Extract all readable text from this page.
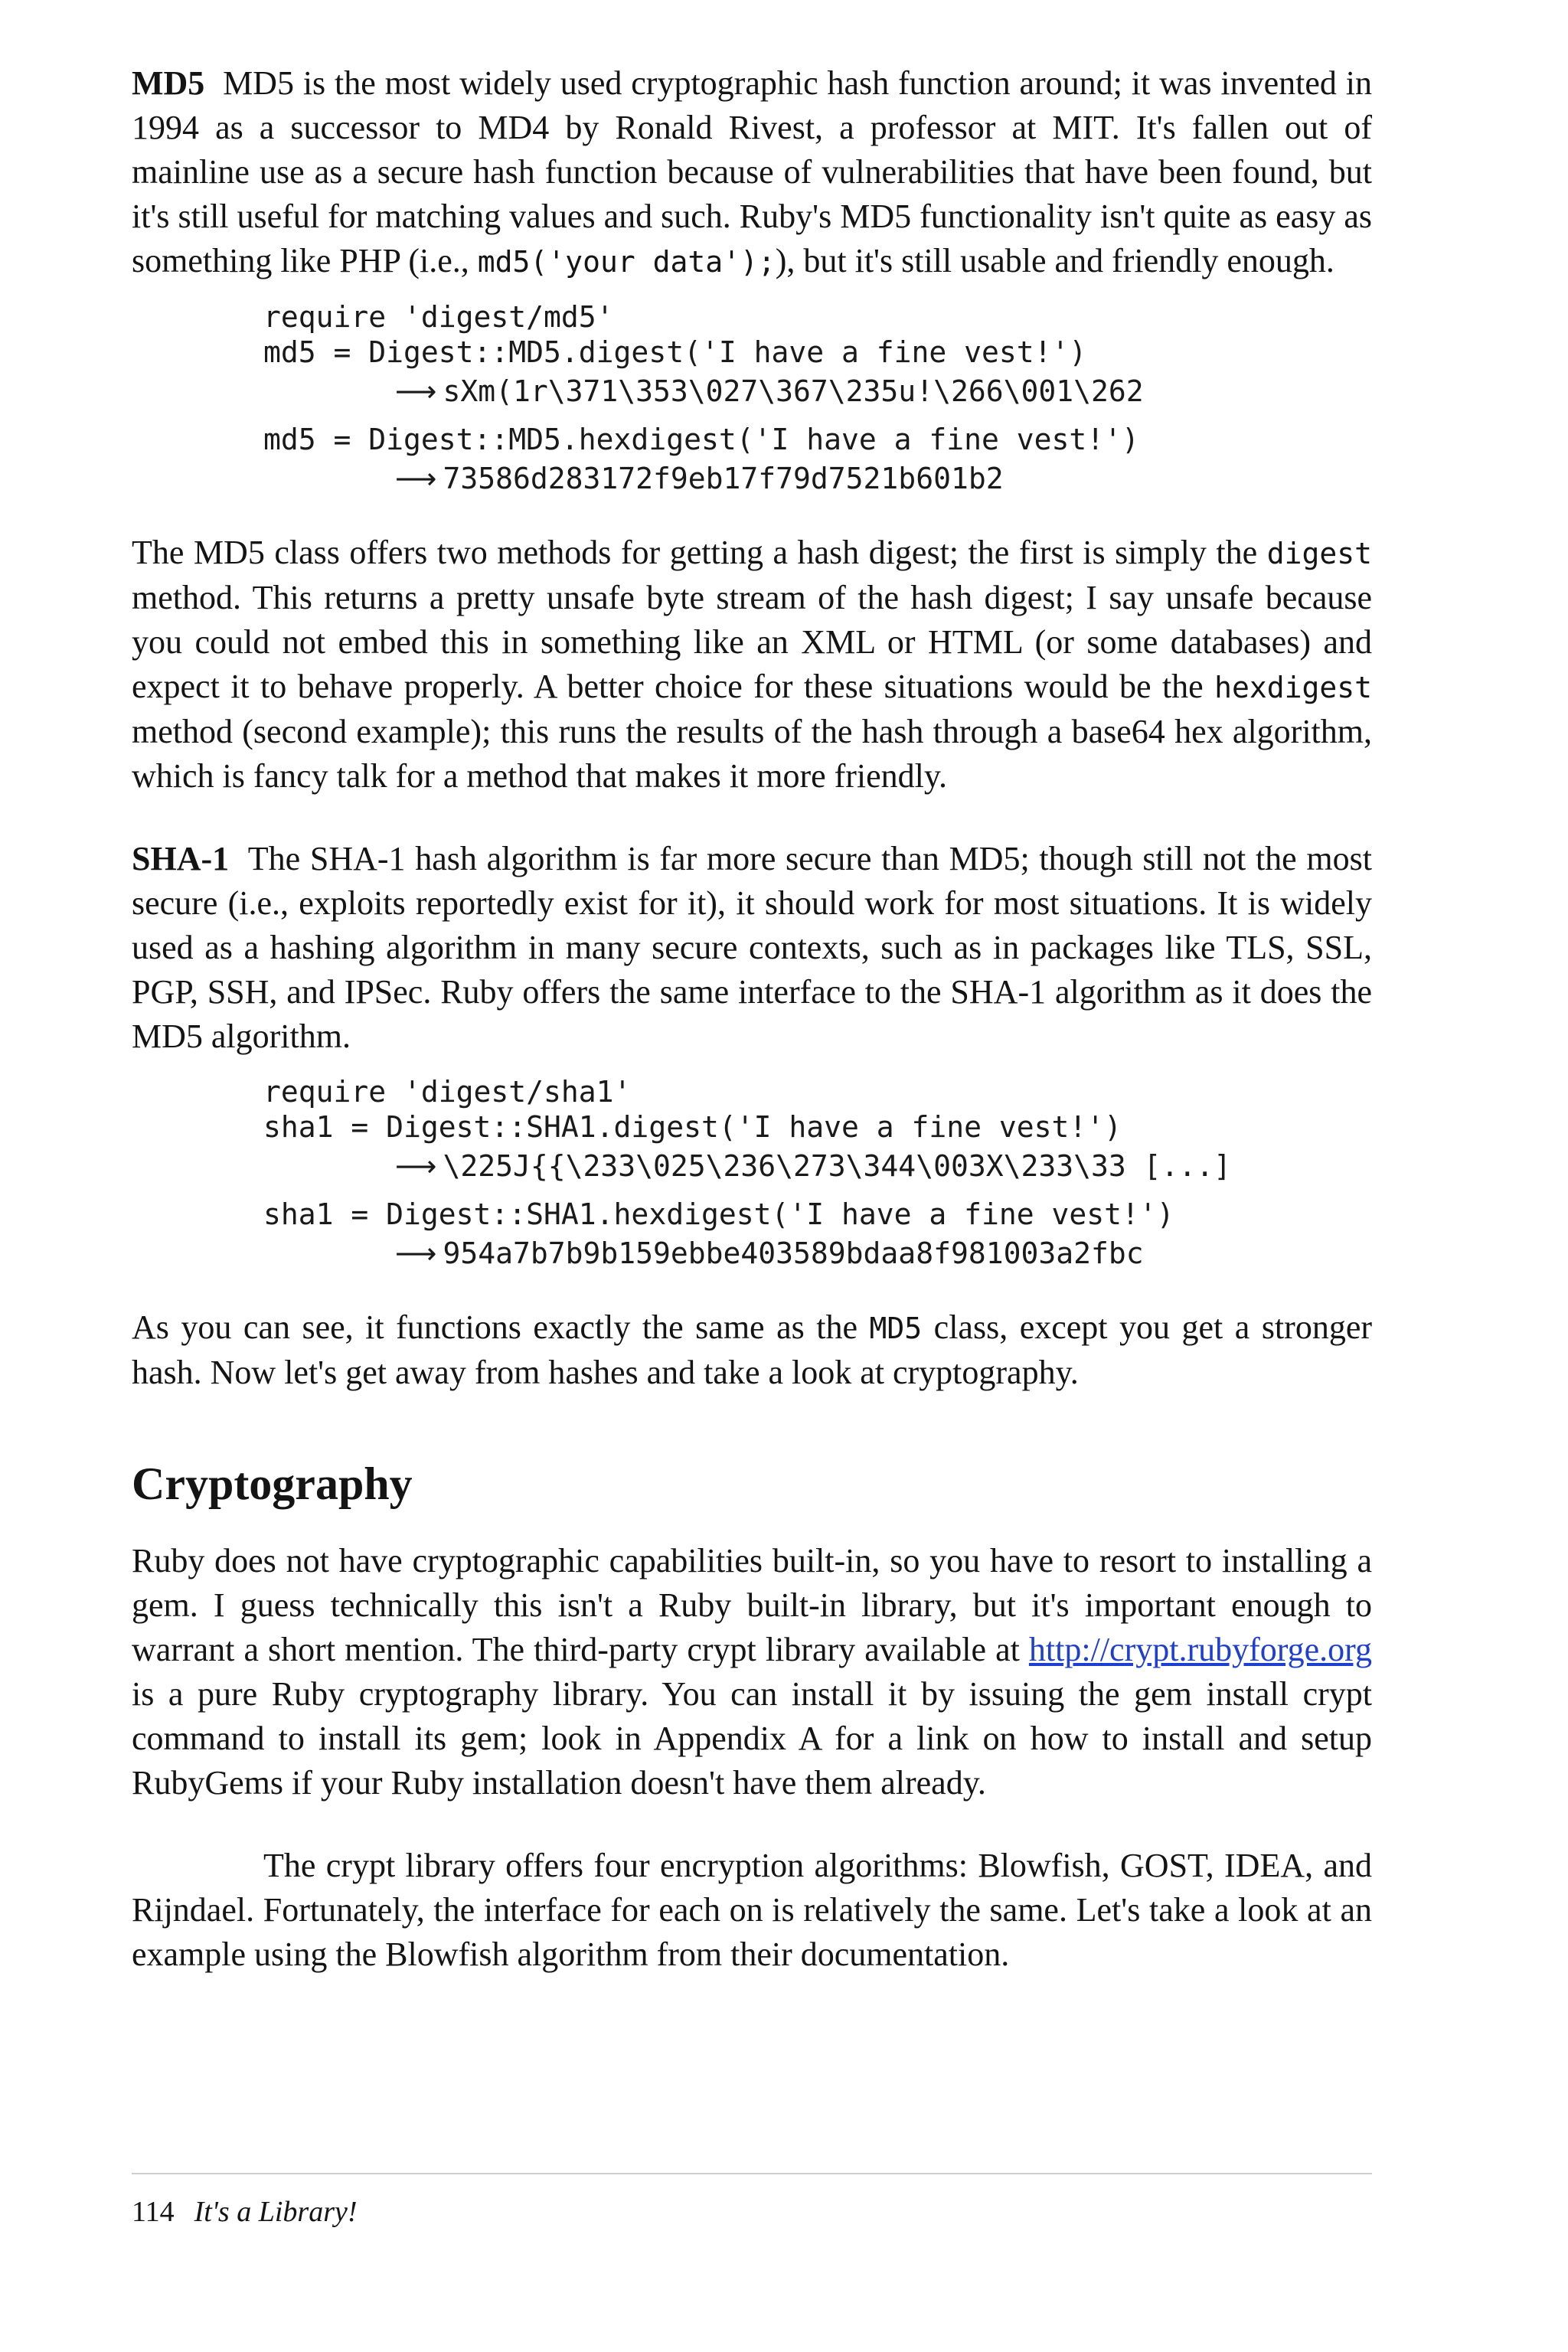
MD5 MD5 is the most widely used cryptographic hash function around; it was invented in 1994 as a successor to MD4 by Ronald Rivest, a professor at MIT. It's fallen out of mainline use as a secure hash function because of vulnerabilities that have been found, but it's still useful for matching values and such. Ruby's MD5 functionality isn't quite as easy as something like PHP (i.e., md5('your data');), but it's still usable and friendly enough.

require 'digest/md5'
md5 = Digest::MD5.digest('I have a fine vest!')
⟶ sXm(1r\371\353\027\367\235u!\266\001\262
md5 = Digest::MD5.hexdigest('I have a fine vest!')
⟶ 73586d283172f9eb17f79d7521b601b2

The MD5 class offers two methods for getting a hash digest; the first is simply the digest method. This returns a pretty unsafe byte stream of the hash digest; I say unsafe because you could not embed this in something like an XML or HTML (or some databases) and expect it to behave properly. A better choice for these situations would be the hexdigest method (second example); this runs the results of the hash through a base64 hex algorithm, which is fancy talk for a method that makes it more friendly.

SHA-1 The SHA-1 hash algorithm is far more secure than MD5; though still not the most secure (i.e., exploits reportedly exist for it), it should work for most situations. It is widely used as a hashing algorithm in many secure contexts, such as in packages like TLS, SSL, PGP, SSH, and IPSec. Ruby offers the same interface to the SHA-1 algorithm as it does the MD5 algorithm.

require 'digest/sha1'
sha1 = Digest::SHA1.digest('I have a fine vest!')
⟶ \225J{{\233\025\236\273\344\003X\233\33 [...]
sha1 = Digest::SHA1.hexdigest('I have a fine vest!')
⟶ 954a7b7b9b159ebbe403589bdaa8f981003a2fbc

As you can see, it functions exactly the same as the MD5 class, except you get a stronger hash. Now let's get away from hashes and take a look at cryptography.

Cryptography

Ruby does not have cryptographic capabilities built-in, so you have to resort to installing a gem. I guess technically this isn't a Ruby built-in library, but it's important enough to warrant a short mention. The third-party crypt library available at http://crypt.rubyforge.org is a pure Ruby cryptography library. You can install it by issuing the gem install crypt command to install its gem; look in Appendix A for a link on how to install and setup RubyGems if your Ruby installation doesn't have them already.

The crypt library offers four encryption algorithms: Blowfish, GOST, IDEA, and Rijndael. Fortunately, the interface for each on is relatively the same. Let's take a look at an example using the Blowfish algorithm from their documentation.

114 It's a Library!
